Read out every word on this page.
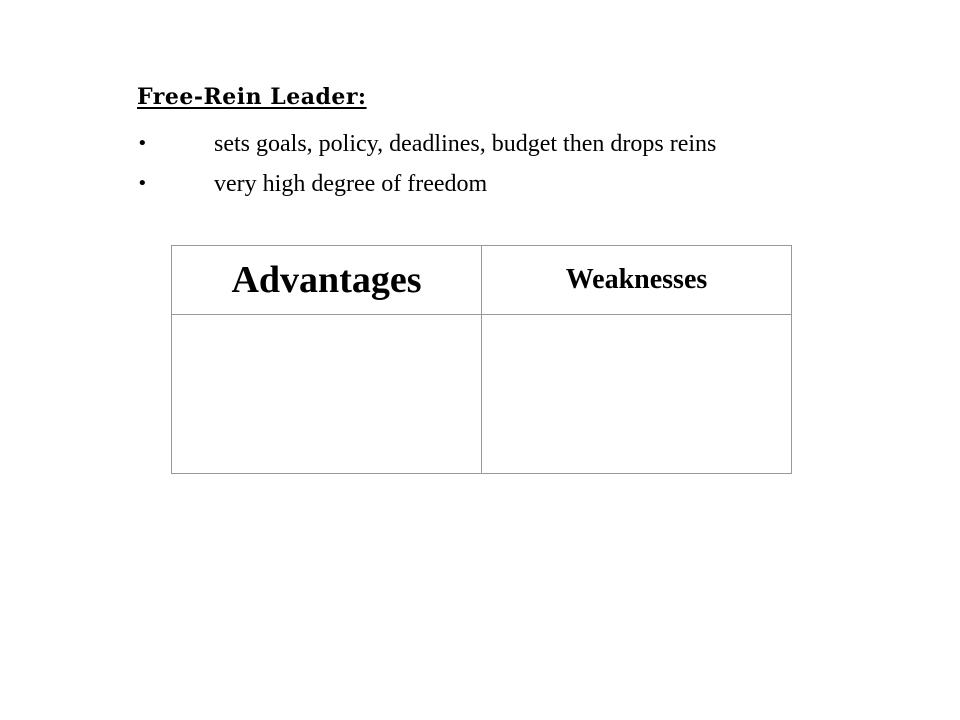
Free-Rein Leader:
•	sets goals, policy, deadlines, budget then drops reins
•	very high degree of freedom
Advantages	Weaknesses
